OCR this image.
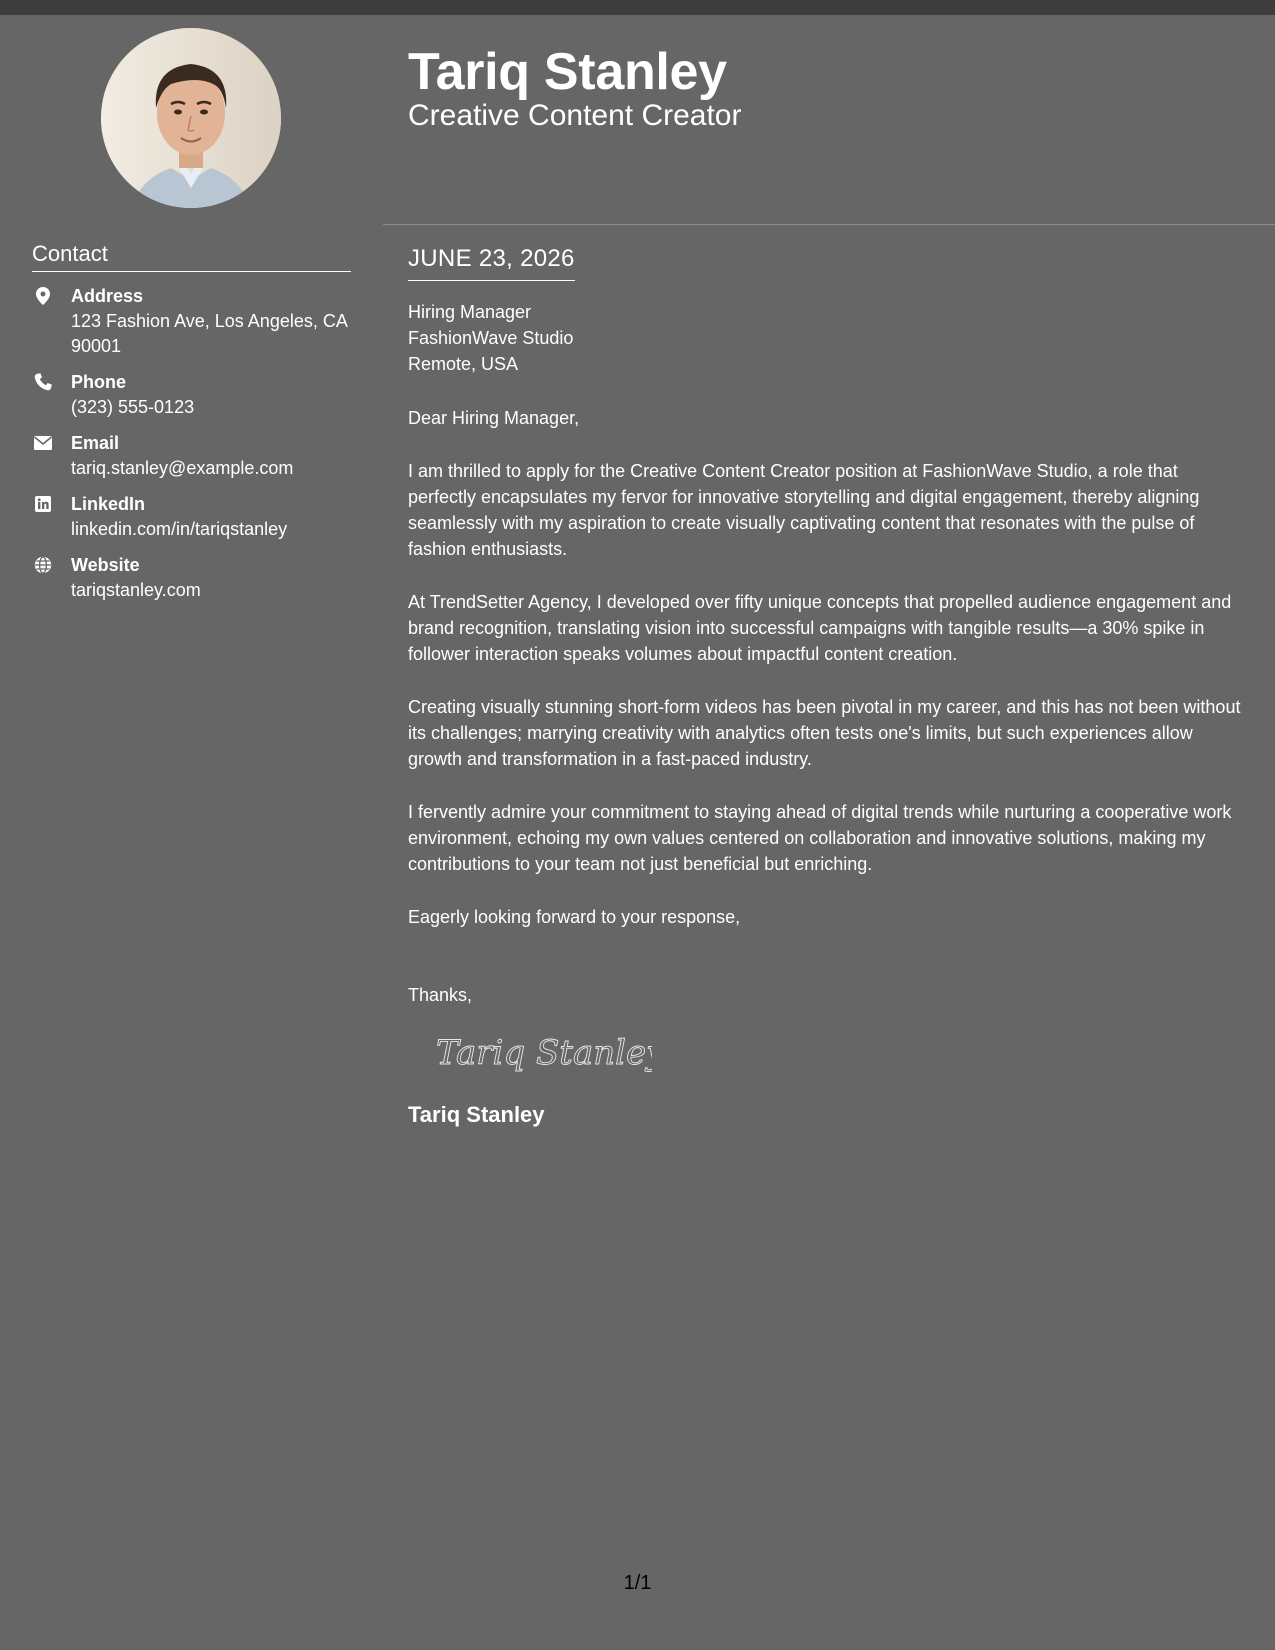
Contact
Address
123 Fashion Ave, Los Angeles, CA 90001
Phone
(323) 555-0123
Email
tariq.stanley@example.com
LinkedIn
linkedin.com/in/tariqstanley
Website
tariqstanley.com
Tariq Stanley
Creative Content Creator
JUNE 23, 2026
Hiring Manager
FashionWave Studio
Remote, USA

Dear Hiring Manager,

I am thrilled to apply for the Creative Content Creator position at FashionWave Studio, a role that perfectly encapsulates my fervor for innovative storytelling and digital engagement, thereby aligning seamlessly with my aspiration to create visually captivating content that resonates with the pulse of fashion enthusiasts.

At TrendSetter Agency, I developed over fifty unique concepts that propelled audience engagement and brand recognition, translating vision into successful campaigns with tangible results—a 30% spike in follower interaction speaks volumes about impactful content creation.

Creating visually stunning short-form videos has been pivotal in my career, and this has not been without its challenges; marrying creativity with analytics often tests one's limits, but such experiences allow growth and transformation in a fast-paced industry.

I fervently admire your commitment to staying ahead of digital trends while nurturing a cooperative work environment, echoing my own values centered on collaboration and innovative solutions, making my contributions to your team not just beneficial but enriching.

Eagerly looking forward to your response,

Thanks,

Tariq Stanley
Tariq Stanley
1/1
